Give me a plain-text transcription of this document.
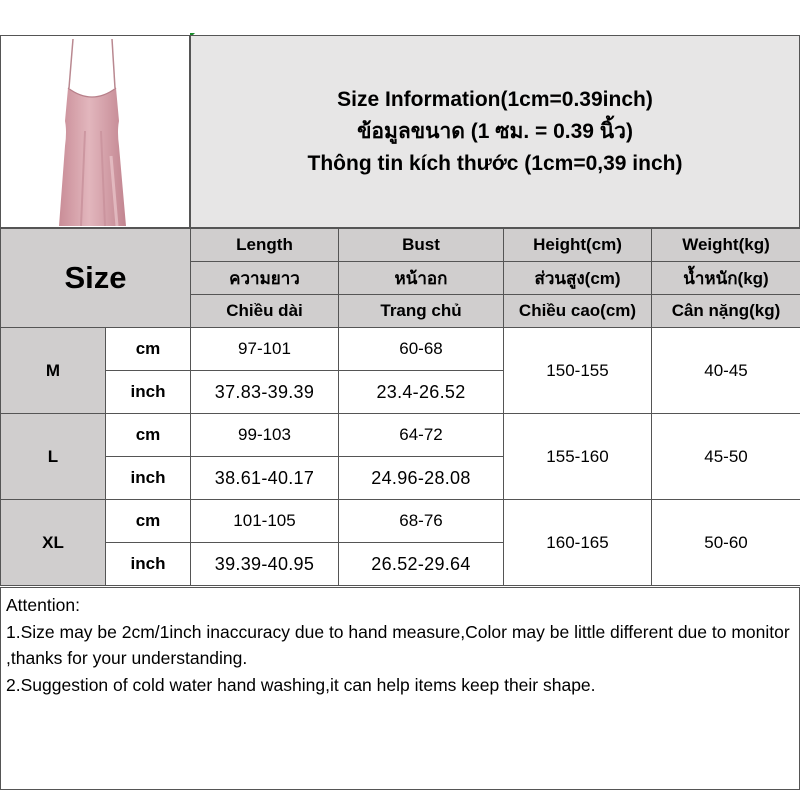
Size Information(1cm=0.39inch)
ข้อมูลขนาด (1 ซม. = 0.39 นิ้ว)
Thông tin kích thước (1cm=0,39 inch)
Size		Length	Bust	Height(cm)	Weight(kg)
		ความยาว	หน้าอก	ส่วนสูง(cm)	น้ำหนัก(kg)
		Chiều dài	Trang chủ	Chiều cao(cm)	Cân nặng(kg)
M	cm	97-101	60-68	150-155	40-45
	inch	37.83-39.39	23.4-26.52		
L	cm	99-103	64-72	155-160	45-50
	inch	38.61-40.17	24.96-28.08		
XL	cm	101-105	68-76	160-165	50-60
	inch	39.39-40.95	26.52-29.64		
Attention:
1.Size may be 2cm/1inch inaccuracy due to hand measure,Color may be little different due to monitor ,thanks for your understanding.
2.Suggestion of cold water hand washing,it can help items keep their shape.
